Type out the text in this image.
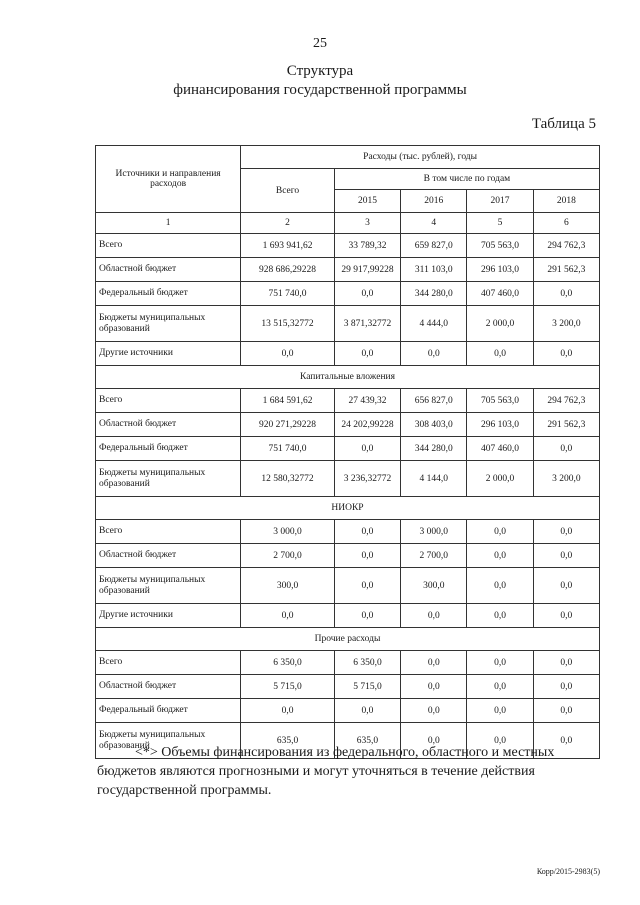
25
Структура
финансирования государственной программы
Таблица 5
Источники и направления расходов	Расходы (тыс. рублей), годы				
	Всего	В том числе по годам			
		2015	2016	2017	2018
1	2	3	4	5	6
Всего	1 693 941,62	33 789,32	659 827,0	705 563,0	294 762,3
Областной бюджет	928 686,29228	29 917,99228	311 103,0	296 103,0	291 562,3
Федеральный бюджет	751 740,0	0,0	344 280,0	407 460,0	0,0
Бюджеты муниципальных образований	13 515,32772	3 871,32772	4 444,0	2 000,0	3 200,0
Другие источники	0,0	0,0	0,0	0,0	0,0
Капитальные вложения					
Всего	1 684 591,62	27 439,32	656 827,0	705 563,0	294 762,3
Областной бюджет	920 271,29228	24 202,99228	308 403,0	296 103,0	291 562,3
Федеральный бюджет	751 740,0	0,0	344 280,0	407 460,0	0,0
Бюджеты муниципальных образований	12 580,32772	3 236,32772	4 144,0	2 000,0	3 200,0
НИОКР					
Всего	3 000,0	0,0	3 000,0	0,0	0,0
Областной бюджет	2 700,0	0,0	2 700,0	0,0	0,0
Бюджеты муниципальных образований	300,0	0,0	300,0	0,0	0,0
Другие источники	0,0	0,0	0,0	0,0	0,0
Прочие расходы					
Всего	6 350,0	6 350,0	0,0	0,0	0,0
Областной бюджет	5 715,0	5 715,0	0,0	0,0	0,0
Федеральный бюджет	0,0	0,0	0,0	0,0	0,0
Бюджеты муниципальных образований	635,0	635,0	0,0	0,0	0,0
<*> Объемы финансирования из федерального, областного и местных
бюджетов являются прогнозными и могут уточняться в течение действия
государственной программы.
Корр/2015-2983(5)
